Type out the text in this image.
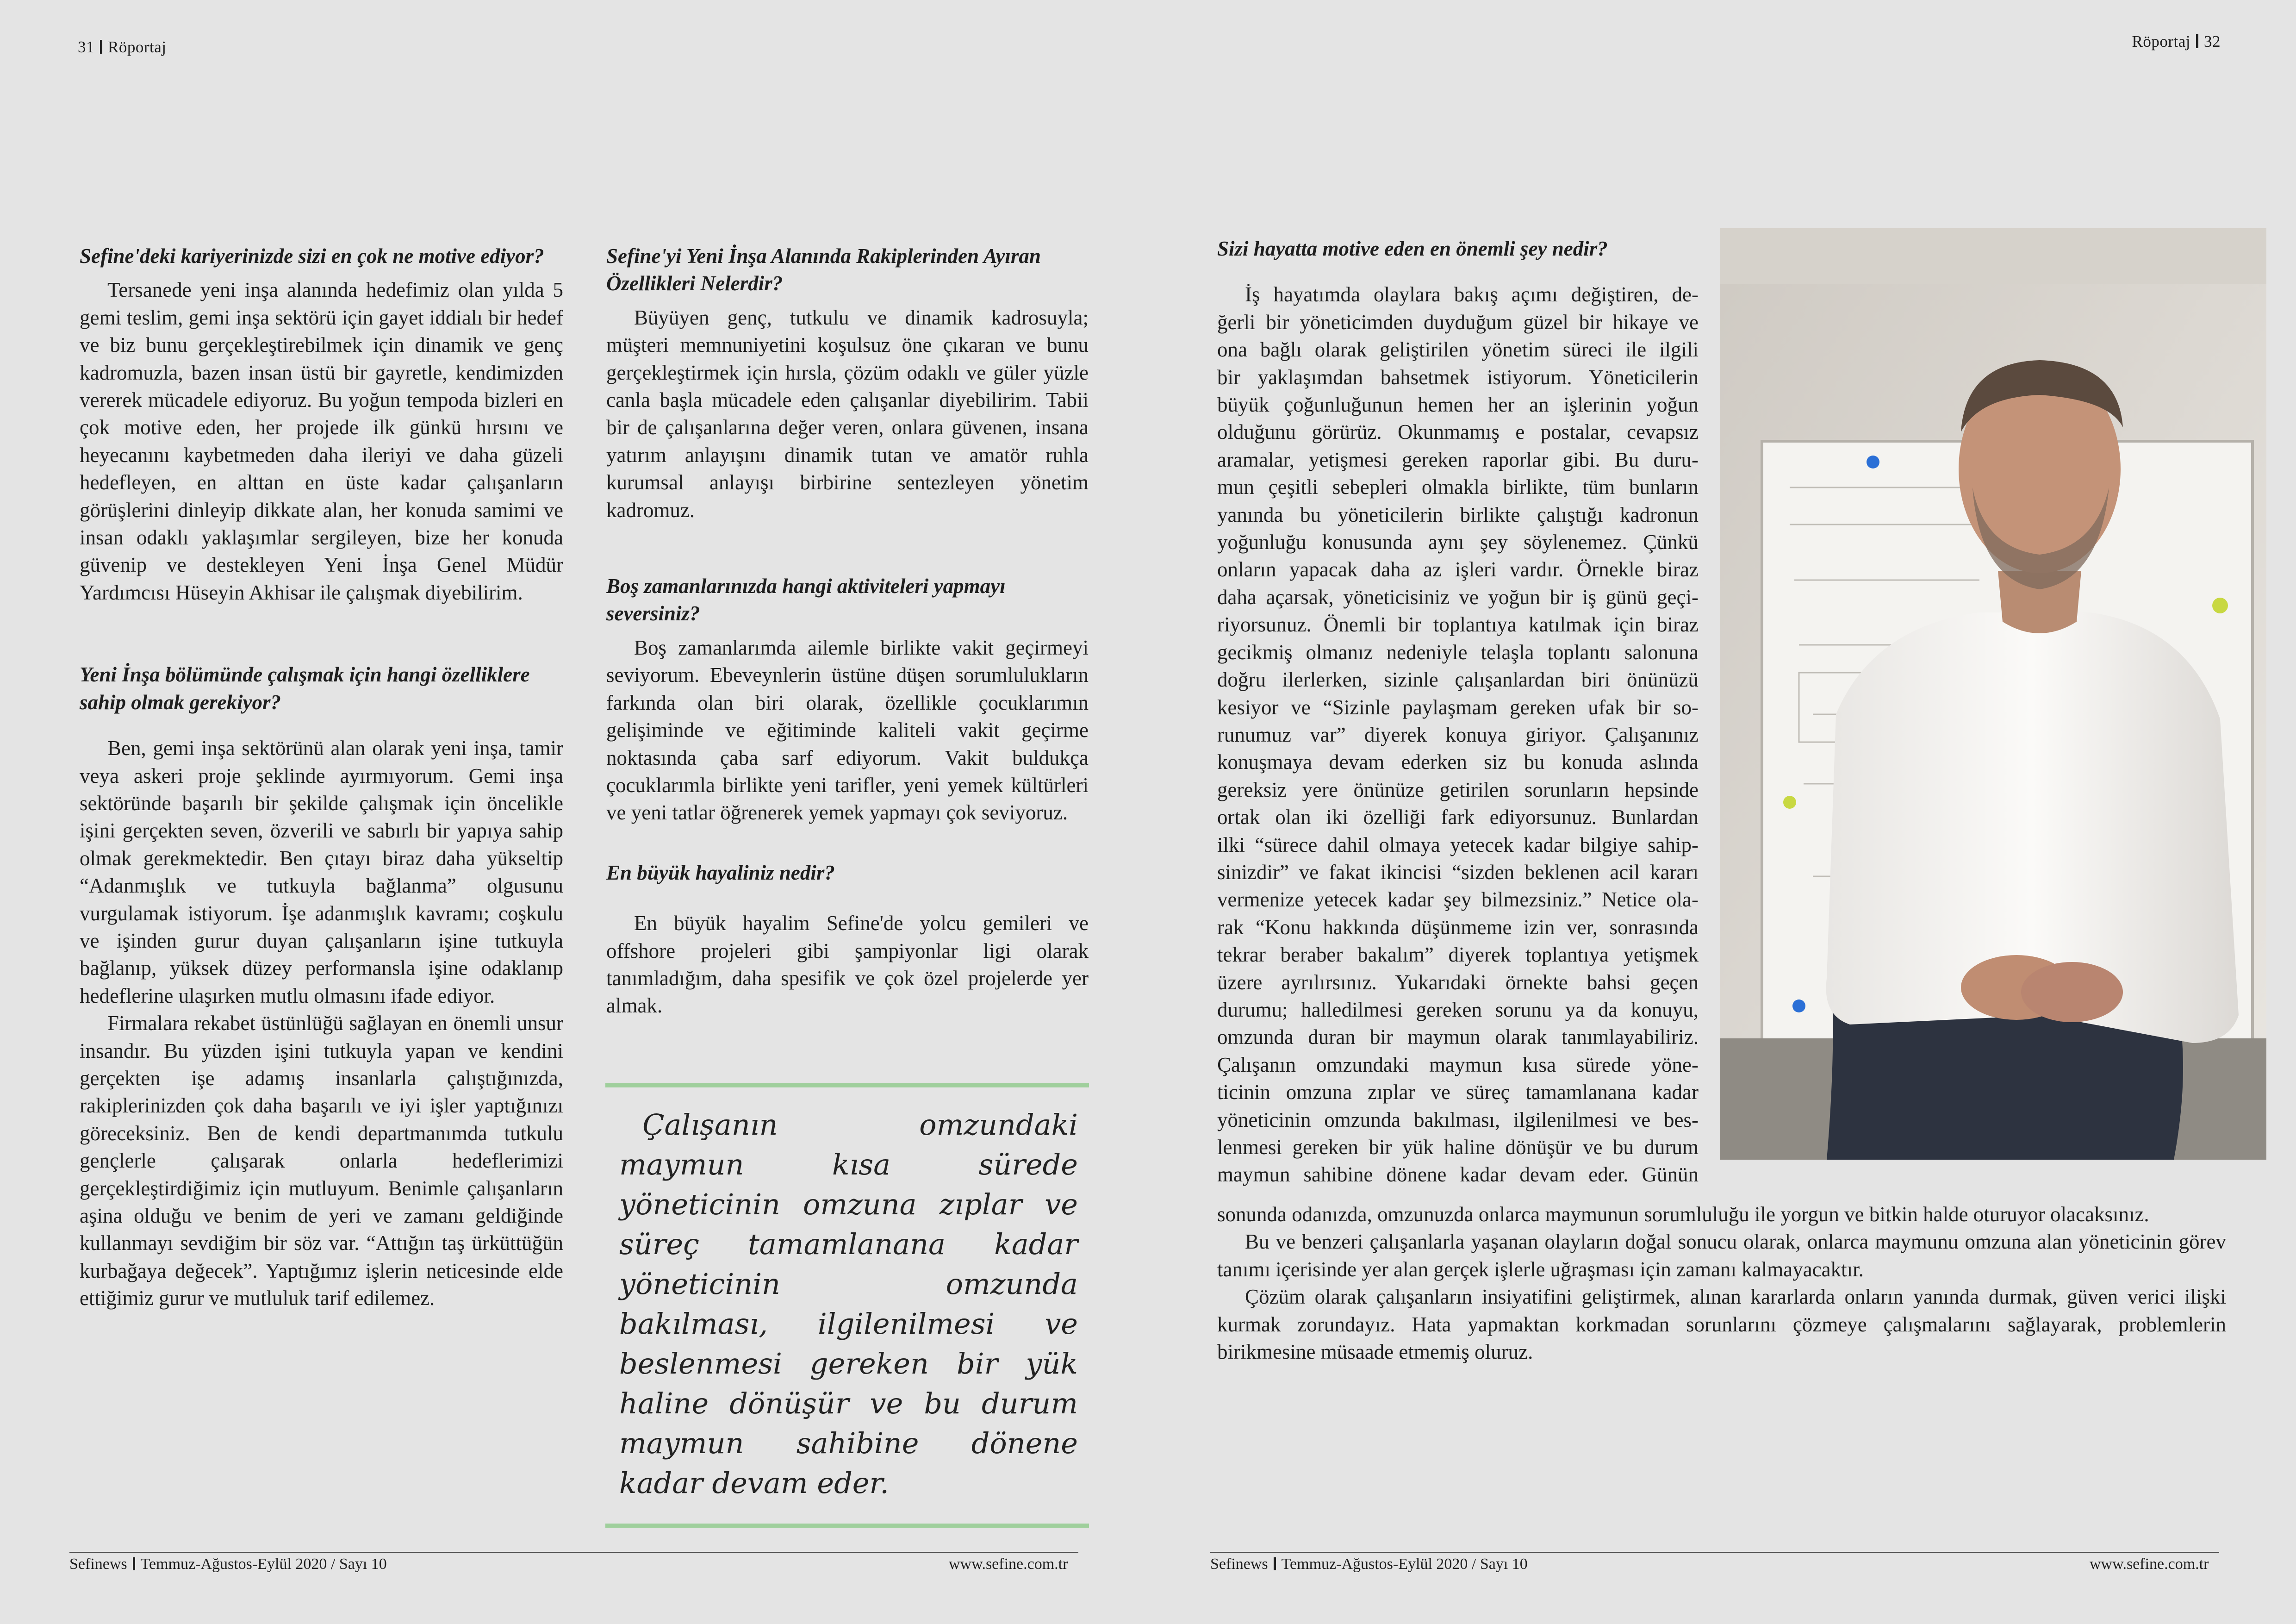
31 Röportaj	Röportaj 32
Sefine'deki kariyerinizde sizi en çok ne motive ediyor?

Tersanede yeni inşa alanında hedefimiz olan yılda 5 gemi teslim, gemi inşa sektörü için gayet iddialı bir hedef ve biz bunu gerçekleştirebilmek için dinamik ve genç kadromuzla, bazen insan üstü bir gayretle, kendimizden vererek mücadele ediyoruz. Bu yoğun tempoda bizleri en çok motive eden, her projede ilk günkü hırsını ve heyecanını kaybetmeden daha ileriyi ve daha güzeli hedefleyen, en alttan en üste kadar çalışanların görüşlerini dinleyip dikkate alan, her konuda samimi ve insan odaklı yaklaşımlar sergileyen, bize her konuda güvenip ve destekleyen Yeni İnşa Genel Müdür Yardımcısı Hüseyin Akhisar ile çalışmak diyebilirim.

Yeni İnşa bölümünde çalışmak için hangi özelliklere sahip olmak gerekiyor?

Ben, gemi inşa sektörünü alan olarak yeni inşa, tamir veya askeri proje şeklinde ayırmıyorum. Gemi inşa sektöründe başarılı bir şekilde çalışmak için öncelikle işini gerçekten seven, özverili ve sabırlı bir yapıya sahip olmak gerekmektedir. Ben çıtayı biraz daha yükseltip “Adanmışlık ve tutkuyla bağlanma” olgusunu vurgulamak istiyorum. İşe adanmışlık kavramı; coşkulu ve işinden gurur duyan çalışanların işine tutkuyla bağlanıp, yüksek düzey performansla işine odaklanıp hedeflerine ulaşırken mutlu olmasını ifade ediyor.

Firmalara rekabet üstünlüğü sağlayan en önemli unsur insandır. Bu yüzden işini tutkuyla yapan ve kendini gerçekten işe adamış insanlarla çalıştığınızda, rakiplerinizden çok daha başarılı ve iyi işler yaptığınızı göreceksiniz. Ben de kendi departmanımda tutkulu gençlerle çalışarak onlarla hedeflerimizi gerçekleştirdiğimiz için mutluyum. Benimle çalışanların aşina olduğu ve benim de yeri ve zamanı geldiğinde kullanmayı sevdiğim bir söz var. “Attığın taş ürküttüğün kurbağaya değecek”. Yaptığımız işlerin neticesinde elde ettiğimiz gurur ve mutluluk tarif edilemez.

Sefine'yi Yeni İnşa Alanında Rakiplerinden Ayıran Özellikleri Nelerdir?

Büyüyen genç, tutkulu ve dinamik kadrosuyla; müşteri memnuniyetini koşulsuz öne çıkaran ve bunu gerçekleştirmek için hırsla, çözüm odaklı ve güler yüzle canla başla mücadele eden çalışanlar diyebilirim. Tabii bir de çalışanlarına değer veren, onlara güvenen, insana yatırım anlayışını dinamik tutan ve amatör ruhla kurumsal anlayışı birbirine sentezleyen yönetim kadromuz.

Boş zamanlarınızda hangi aktiviteleri yapmayı seversiniz?

Boş zamanlarımda ailemle birlikte vakit geçirmeyi seviyorum. Ebeveynlerin üstüne düşen sorumlulukların farkında olan biri olarak, özellikle çocuklarımın gelişiminde ve eğitiminde kaliteli vakit geçirme noktasında çaba sarf ediyorum. Vakit buldukça çocuklarımla birlikte yeni tarifler, yeni yemek kültürleri ve yeni tatlar öğrenerek yemek yapmayı çok seviyoruz.

En büyük hayaliniz nedir?

En büyük hayalim Sefine'de yolcu gemileri ve offshore projeleri gibi şampiyonlar ligi olarak tanımladığım, daha spesifik ve çok özel projelerde yer almak.

Çalışanın omzundaki maymun kısa sürede yöneticinin omzuna zıplar ve süreç tamamlanana kadar yöneticinin omzunda bakılması, ilgilenilmesi ve beslenmesi gereken bir yük haline dönüşür ve bu durum maymun sahibine dönene kadar devam eder.
Sizi hayatta motive eden en önemli şey nedir?
İş hayatımda olaylara bakış açımı değiştiren, de-
ğerli bir yöneticimden duyduğum güzel bir hikaye ve
ona bağlı olarak geliştirilen yönetim süreci ile ilgili
bir yaklaşımdan bahsetmek istiyorum. Yöneticilerin
büyük çoğunluğunun hemen her an işlerinin yoğun
olduğunu görürüz. Okunmamış e postalar, cevapsız
aramalar, yetişmesi gereken raporlar gibi. Bu duru-
mun çeşitli sebepleri olmakla birlikte, tüm bunların
yanında bu yöneticilerin birlikte çalıştığı kadronun
yoğunluğu konusunda aynı şey söylenemez. Çünkü
onların yapacak daha az işleri vardır. Örnekle biraz
daha açarsak, yöneticisiniz ve yoğun bir iş günü geçi-
riyorsunuz. Önemli bir toplantıya katılmak için biraz
gecikmiş olmanız nedeniyle telaşla toplantı salonuna
doğru ilerlerken, sizinle çalışanlardan biri önünüzü
kesiyor ve “Sizinle paylaşmam gereken ufak bir so-
runumuz var” diyerek konuya giriyor. Çalışanınız
konuşmaya devam ederken siz bu konuda aslında
gereksiz yere önünüze getirilen sorunların hepsinde
ortak olan iki özelliği fark ediyorsunuz. Bunlardan
ilki “sürece dahil olmaya yetecek kadar bilgiye sahip-
sinizdir” ve fakat ikincisi “sizden beklenen acil kararı
vermenize yetecek kadar şey bilmezsiniz.” Netice ola-
rak “Konu hakkında düşünmeme izin ver, sonrasında
tekrar beraber bakalım” diyerek toplantıya yetişmek
üzere ayrılırsınız. Yukarıdaki örnekte bahsi geçen
durumu; halledilmesi gereken sorunu ya da konuyu,
omzunda duran bir maymun olarak tanımlayabiliriz.
Çalışanın omzundaki maymun kısa sürede yöne-
ticinin omzuna zıplar ve süreç tamamlanana kadar
yöneticinin omzunda bakılması, ilgilenilmesi ve bes-
lenmesi gereken bir yük haline dönüşür ve bu durum
maymun sahibine dönene kadar devam eder. Günün

sonunda odanızda, omzunuzda onlarca maymunun sorumluluğu ile yorgun ve bitkin halde oturuyor olacaksınız.

Bu ve benzeri çalışanlarla yaşanan olayların doğal sonucu olarak, onlarca maymunu omzuna alan yöneticinin görev tanımı içerisinde yer alan gerçek işlerle uğraşması için zamanı kalmayacaktır.

Çözüm olarak çalışanların insiyatifini geliştirmek, alınan kararlarda onların yanında durmak, güven verici ilişki kurmak zorundayız. Hata yapmaktan korkmadan sorunlarını çözmeye çalışmalarını sağlayarak, problemlerin birikmesine müsaade etmemiş oluruz.

Sefinews Temmuz-Ağustos-Eylül 2020 / Sayı 10	www.sefine.com.tr	Sefinews Temmuz-Ağustos-Eylül 2020 / Sayı 10	www.sefine.com.tr
